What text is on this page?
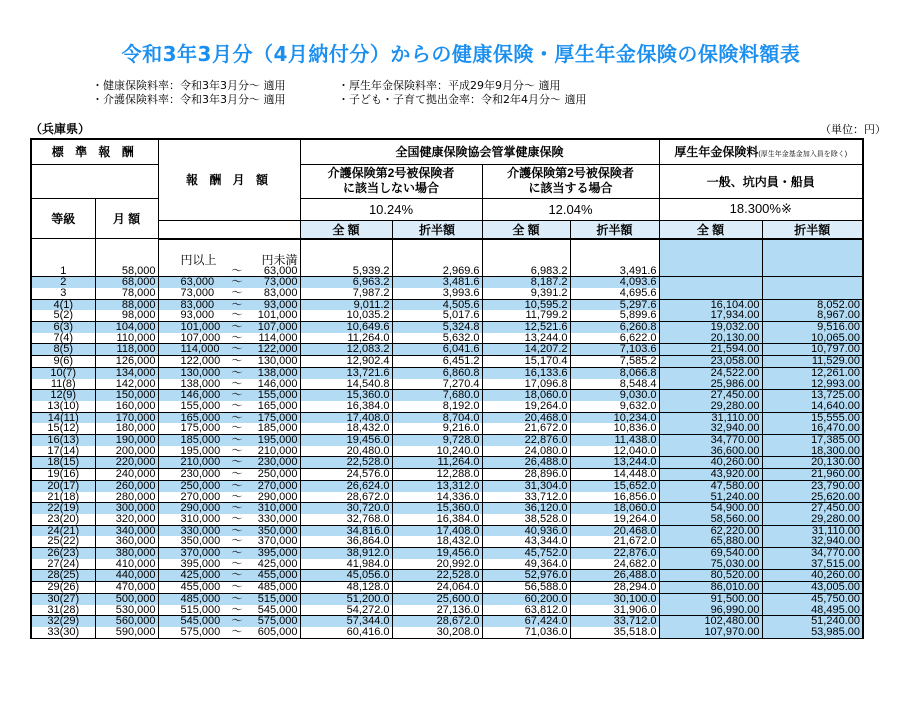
令和3年3月分（4月納付分）からの健康保険・厚生年金保険の保険料額表
・健康保険料率：令和3年3月分～ 適用
・介護保険料率：令和3年3月分～ 適用
・厚生年金保険料率：平成29年9月分～ 適用
・子ども・子育て拠出金率：令和2年4月分～ 適用
（兵庫県）	（単位：円）
標 準 報 酬		報 酬 月 額			全国健康保険協会管掌健康保険				厚生年金保険料(厚生年金基金加入員を除く)	
					介護保険第2号被保険者
に該当しない場合		介護保険第2号被保険者
に該当する場合		一般、坑内員・船員	
等級	月 額				10.24%		12.04%		18.300%※	
					全 額	折半額	全 額	折半額	全 額	折半額
		円以上		円未満						
1	58,000		～	63,000	5,939.2	2,969.6	6,983.2	3,491.6		
2	68,000	63,000	～	73,000	6,963.2	3,481.6	8,187.2	4,093.6		
3	78,000	73,000	～	83,000	7,987.2	3,993.6	9,391.2	4,695.6		
4(1)	88,000	83,000	～	93,000	9,011.2	4,505.6	10,595.2	5,297.6	16,104.00	8,052.00
5(2)	98,000	93,000	～	101,000	10,035.2	5,017.6	11,799.2	5,899.6	17,934.00	8,967.00
6(3)	104,000	101,000	～	107,000	10,649.6	5,324.8	12,521.6	6,260.8	19,032.00	9,516.00
7(4)	110,000	107,000	～	114,000	11,264.0	5,632.0	13,244.0	6,622.0	20,130.00	10,065.00
8(5)	118,000	114,000	～	122,000	12,083.2	6,041.6	14,207.2	7,103.6	21,594.00	10,797.00
9(6)	126,000	122,000	～	130,000	12,902.4	6,451.2	15,170.4	7,585.2	23,058.00	11,529.00
10(7)	134,000	130,000	～	138,000	13,721.6	6,860.8	16,133.6	8,066.8	24,522.00	12,261.00
11(8)	142,000	138,000	～	146,000	14,540.8	7,270.4	17,096.8	8,548.4	25,986.00	12,993.00
12(9)	150,000	146,000	～	155,000	15,360.0	7,680.0	18,060.0	9,030.0	27,450.00	13,725.00
13(10)	160,000	155,000	～	165,000	16,384.0	8,192.0	19,264.0	9,632.0	29,280.00	14,640.00
14(11)	170,000	165,000	～	175,000	17,408.0	8,704.0	20,468.0	10,234.0	31,110.00	15,555.00
15(12)	180,000	175,000	～	185,000	18,432.0	9,216.0	21,672.0	10,836.0	32,940.00	16,470.00
16(13)	190,000	185,000	～	195,000	19,456.0	9,728.0	22,876.0	11,438.0	34,770.00	17,385.00
17(14)	200,000	195,000	～	210,000	20,480.0	10,240.0	24,080.0	12,040.0	36,600.00	18,300.00
18(15)	220,000	210,000	～	230,000	22,528.0	11,264.0	26,488.0	13,244.0	40,260.00	20,130.00
19(16)	240,000	230,000	～	250,000	24,576.0	12,288.0	28,896.0	14,448.0	43,920.00	21,960.00
20(17)	260,000	250,000	～	270,000	26,624.0	13,312.0	31,304.0	15,652.0	47,580.00	23,790.00
21(18)	280,000	270,000	～	290,000	28,672.0	14,336.0	33,712.0	16,856.0	51,240.00	25,620.00
22(19)	300,000	290,000	～	310,000	30,720.0	15,360.0	36,120.0	18,060.0	54,900.00	27,450.00
23(20)	320,000	310,000	～	330,000	32,768.0	16,384.0	38,528.0	19,264.0	58,560.00	29,280.00
24(21)	340,000	330,000	～	350,000	34,816.0	17,408.0	40,936.0	20,468.0	62,220.00	31,110.00
25(22)	360,000	350,000	～	370,000	36,864.0	18,432.0	43,344.0	21,672.0	65,880.00	32,940.00
26(23)	380,000	370,000	～	395,000	38,912.0	19,456.0	45,752.0	22,876.0	69,540.00	34,770.00
27(24)	410,000	395,000	～	425,000	41,984.0	20,992.0	49,364.0	24,682.0	75,030.00	37,515.00
28(25)	440,000	425,000	～	455,000	45,056.0	22,528.0	52,976.0	26,488.0	80,520.00	40,260.00
29(26)	470,000	455,000	～	485,000	48,128.0	24,064.0	56,588.0	28,294.0	86,010.00	43,005.00
30(27)	500,000	485,000	～	515,000	51,200.0	25,600.0	60,200.0	30,100.0	91,500.00	45,750.00
31(28)	530,000	515,000	～	545,000	54,272.0	27,136.0	63,812.0	31,906.0	96,990.00	48,495.00
32(29)	560,000	545,000	～	575,000	57,344.0	28,672.0	67,424.0	33,712.0	102,480.00	51,240.00
33(30)	590,000	575,000	～	605,000	60,416.0	30,208.0	71,036.0	35,518.0	107,970.00	53,985.00
